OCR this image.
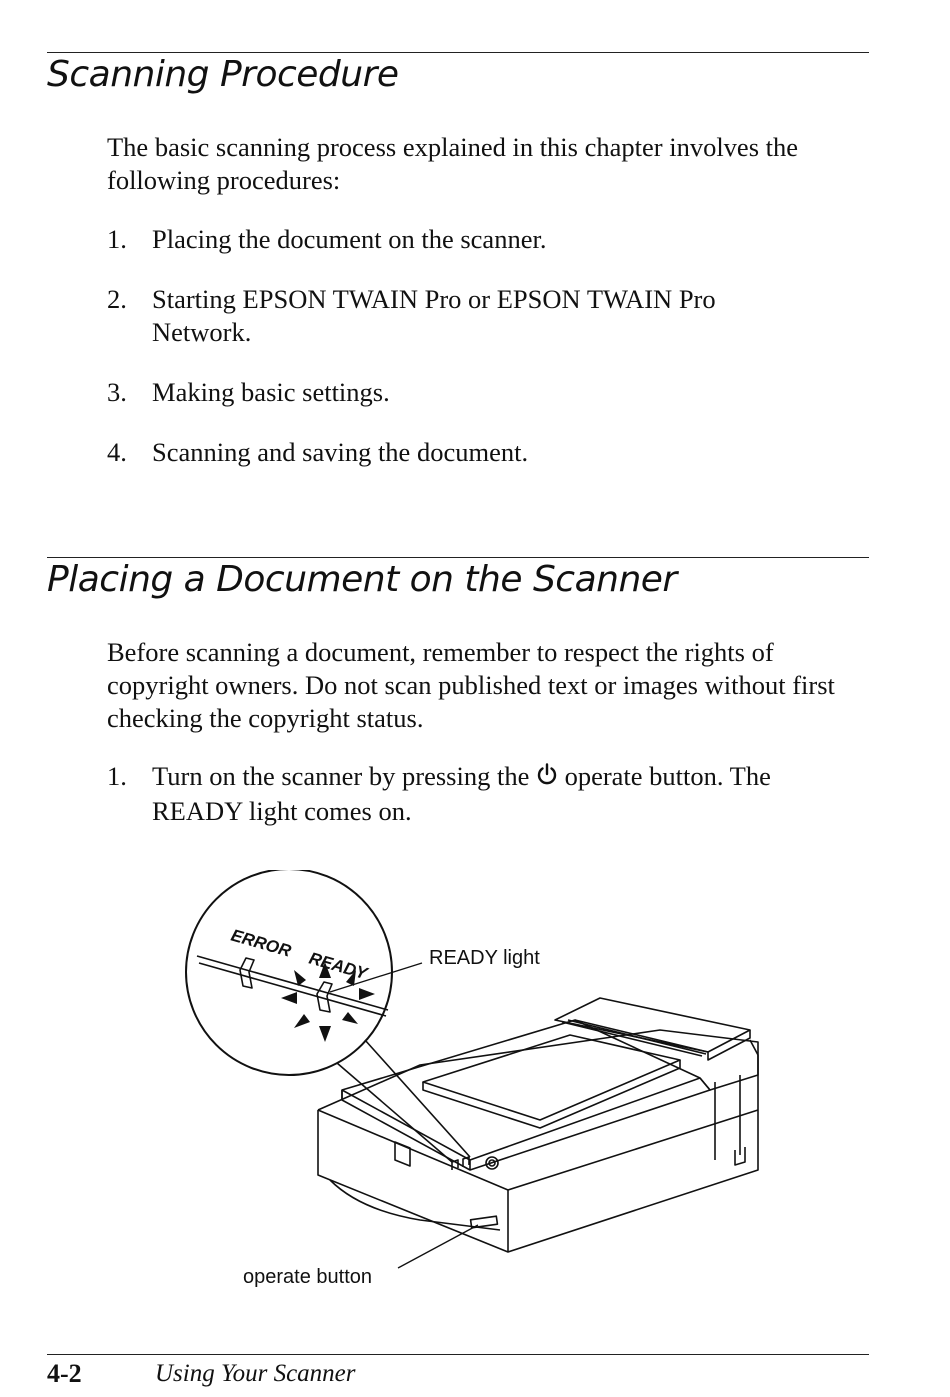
Scanning Procedure

The basic scanning process explained in this chapter involves the following procedures:

1. Placing the document on the scanner.
2. Starting EPSON TWAIN Pro or EPSON TWAIN Pro Network.
3. Making basic settings.
4. Scanning and saving the document.
Placing a Document on the Scanner

Before scanning a document, remember to respect the rights of copyright owners. Do not scan published text or images without first checking the copyright status.

1. Turn on the scanner by pressing the operate button. The READY light comes on.
ERROR
READY	READY light
operate button

4-2	Using Your Scanner
